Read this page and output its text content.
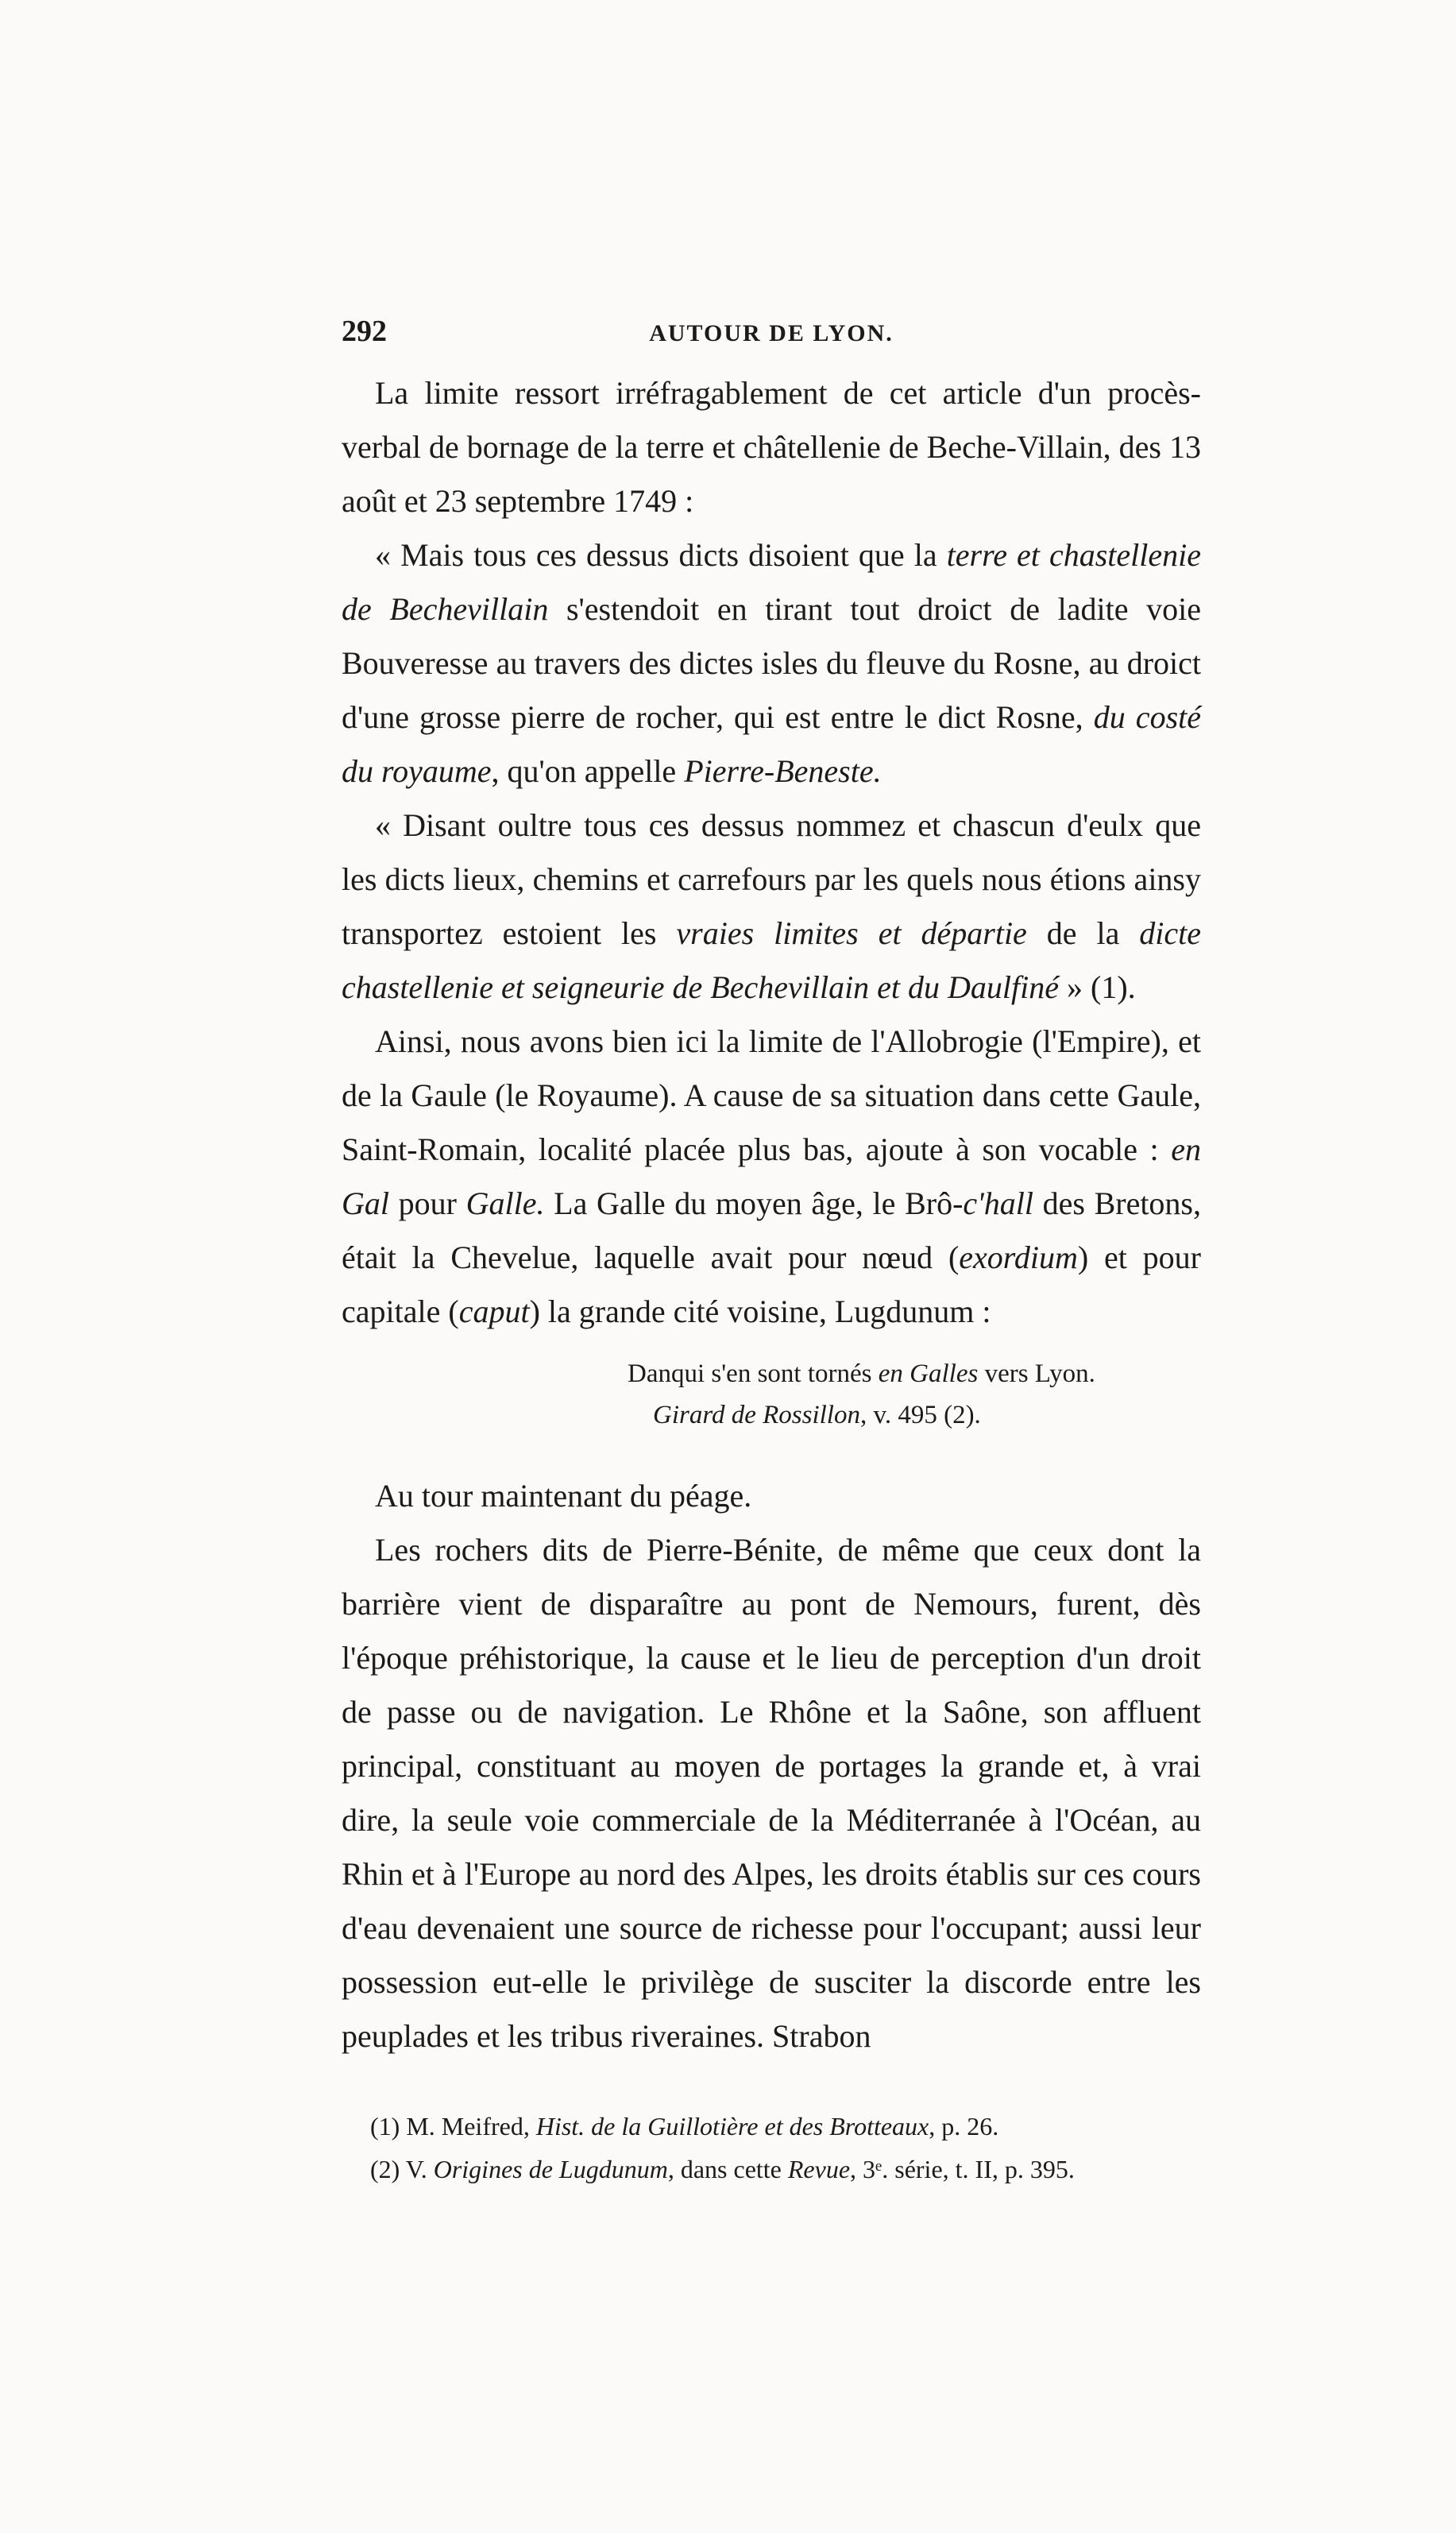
292	AUTOUR DE LYON.

La limite ressort irréfragablement de cet article d'un procès-verbal de bornage de la terre et châtellenie de Beche-Villain, des 13 août et 23 septembre 1749 :

« Mais tous ces dessus dicts disoient que la terre et chastellenie de Bechevillain s'estendoit en tirant tout droict de ladite voie Bouveresse au travers des dictes isles du fleuve du Rosne, au droict d'une grosse pierre de rocher, qui est entre le dict Rosne, du costé du royaume, qu'on appelle Pierre-Beneste.

« Disant oultre tous ces dessus nommez et chascun d'eulx que les dicts lieux, chemins et carrefours par les quels nous étions ainsy transportez estoient les vraies limites et départie de la dicte chastellenie et seigneurie de Bechevillain et du Daulfiné » (1).

Ainsi, nous avons bien ici la limite de l'Allobrogie (l'Empire), et de la Gaule (le Royaume). A cause de sa situation dans cette Gaule, Saint-Romain, localité placée plus bas, ajoute à son vocable : en Gal pour Galle. La Galle du moyen âge, le Brô-c'hall des Bretons, était la Chevelue, laquelle avait pour nœud (exordium) et pour capitale (caput) la grande cité voisine, Lugdunum :

Danqui s'en sont tornés en Galles vers Lyon.
Girard de Rossillon, v. 495 (2).

Au tour maintenant du péage.

Les rochers dits de Pierre-Bénite, de même que ceux dont la barrière vient de disparaître au pont de Nemours, furent, dès l'époque préhistorique, la cause et le lieu de perception d'un droit de passe ou de navigation. Le Rhône et la Saône, son affluent principal, constituant au moyen de portages la grande et, à vrai dire, la seule voie commerciale de la Méditerranée à l'Océan, au Rhin et à l'Europe au nord des Alpes, les droits établis sur ces cours d'eau devenaient une source de richesse pour l'occupant; aussi leur possession eut-elle le privilège de susciter la discorde entre les peuplades et les tribus riveraines. Strabon

(1) M. Meifred, Hist. de la Guillotière et des Brotteaux, p. 26.

(2) V. Origines de Lugdunum, dans cette Revue, 3ᵉ. série, t. II, p. 395.
